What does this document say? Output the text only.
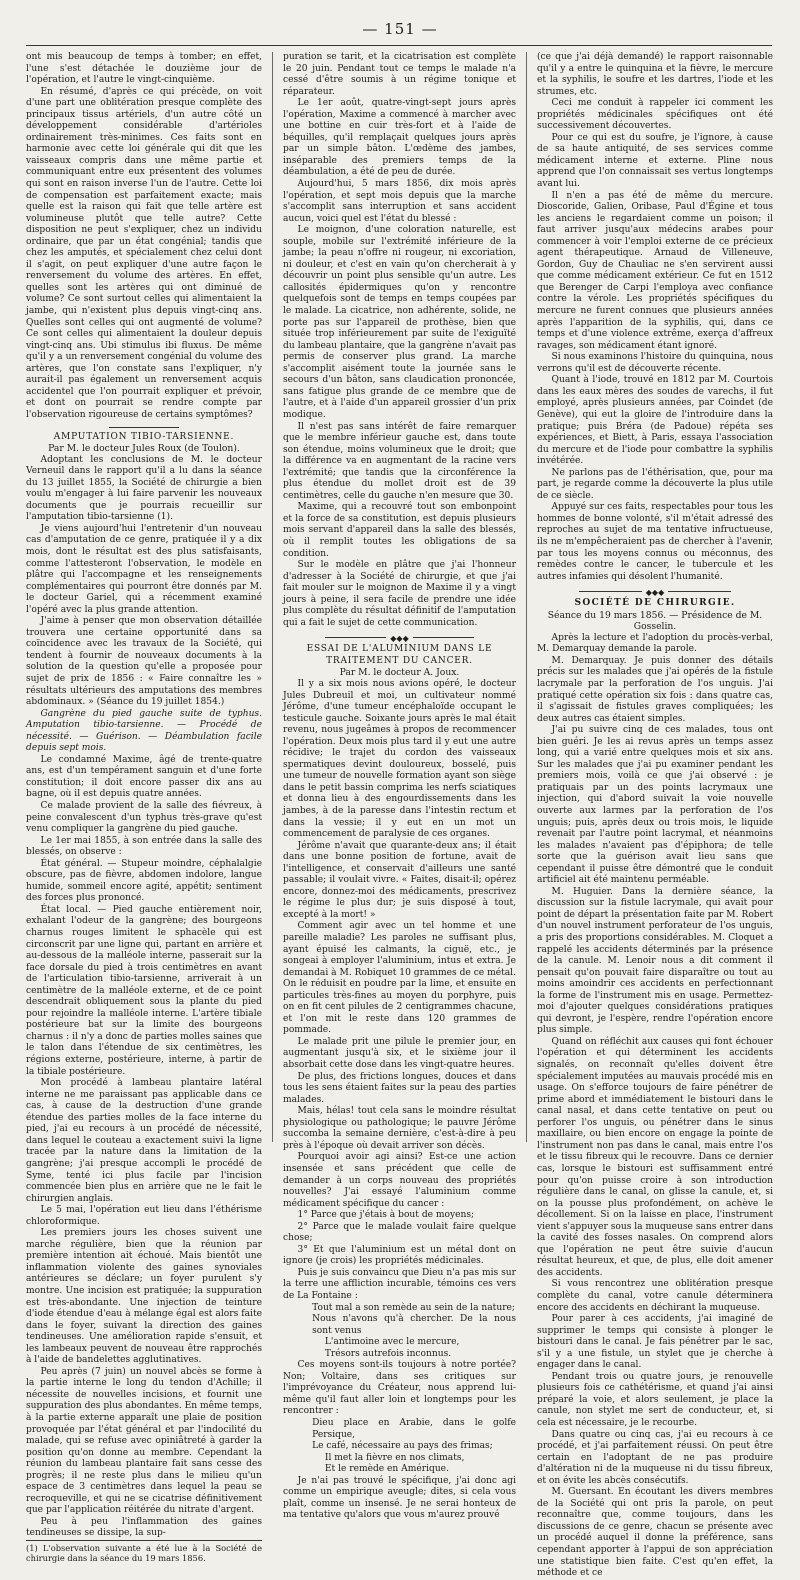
— 151 —

ont mis beaucoup de temps à tomber; en effet, l'une s'est détachée le douzième jour de l'opération, et l'autre le vingt-cinquième.

En résumé, d'après ce qui précède, on voit d'une part une oblitération presque complète des principaux tissus artériels, d'un autre côté un développement considérable d'artérioles ordinairement très-minimes. Ces faits sont en harmonie avec cette loi générale qui dit que les vaisseaux compris dans une même partie et communiquant entre eux présentent des volumes qui sont en raison inverse l'un de l'autre. Cette loi de compensation est parfaitement exacte; mais quelle est la raison qui fait que telle artère est volumineuse plutôt que telle autre? Cette disposition ne peut s'expliquer, chez un individu ordinaire, que par un état congénial; tandis que chez les amputés, et spécialement chez celui dont il s'agit, on peut expliquer d'une autre façon le renversement du volume des artères. En effet, quelles sont les artères qui ont diminué de volume? Ce sont surtout celles qui alimentaient la jambe, qui n'existent plus depuis vingt-cinq ans. Quelles sont celles qui ont augmenté de volume? Ce sont celles qui alimentaient la douleur depuis vingt-cinq ans. Ubi stimulus ibi fluxus. De même qu'il y a un renversement congénial du volume des artères, que l'on constate sans l'expliquer, n'y aurait-il pas également un renversement acquis accidentel que l'on pourrait expliquer et prévoir, et dont on pourrait se rendre compte par l'observation rigoureuse de certains symptômes?

AMPUTATION TIBIO-TARSIENNE.

Par M. le docteur Jules Roux (de Toulon).

Adoptant les conclusions de M. le docteur Verneuil dans le rapport qu'il a lu dans la séance du 13 juillet 1855, la Société de chirurgie a bien voulu m'engager à lui faire parvenir les nouveaux documents que je pourrais recueillir sur l'amputation tibio-tarsienne (1).

Je viens aujourd'hui l'entretenir d'un nouveau cas d'amputation de ce genre, pratiquée il y a dix mois, dont le résultat est des plus satisfaisants, comme l'attesteront l'observation, le modèle en plâtre qui l'accompagne et les renseignements complémentaires qui pourront être donnés par M. le docteur Gariel, qui a récemment examiné l'opéré avec la plus grande attention.

J'aime à penser que mon observation détaillée trouvera une certaine opportunité dans sa coïncidence avec les travaux de la Société, qui tendent à fournir de nouveaux documents à la solution de la question qu'elle a proposée pour sujet de prix de 1856 : « Faire connaître les » résultats ultérieurs des amputations des membres abdominaux. » (Séance du 19 juillet 1854.)

Gangrène du pied gauche suite de typhus. Amputation tibio-tarsienne. — Procédé de nécessité. — Guérison. — Déambulation facile depuis sept mois.

Le condamné Maxime, âgé de trente-quatre ans, est d'un tempérament sanguin et d'une forte constitution; il doit encore passer dix ans au bagne, où il est depuis quatre années.

Ce malade provient de la salle des fiévreux, à peine convalescent d'un typhus très-grave qu'est venu compliquer la gangrène du pied gauche.

Le 1er mai 1855, à son entrée dans la salle des blessés, on observe :

État général. — Stupeur moindre, céphalalgie obscure, pas de fièvre, abdomen indolore, langue humide, sommeil encore agité, appétit; sentiment des forces plus prononcé.

État local. — Pied gauche entièrement noir, exhalant l'odeur de la gangrène; des bourgeons charnus rouges limitent le sphacèle qui est circonscrit par une ligne qui, partant en arrière et au-dessous de la malléole interne, passerait sur la face dorsale du pied à trois centimètres en avant de l'articulation tibio-tarsienne, arriverait à un centimètre de la malléole externe, et de ce point descendrait obliquement sous la plante du pied pour rejoindre la malléole interne. L'artère tibiale postérieure bat sur la limite des bourgeons charnus : il n'y a donc de parties molles saines que le talon dans l'étendue de six centimètres, les régions externe, postérieure, interne, à partir de la tibiale postérieure.

Mon procédé à lambeau plantaire latéral interne ne me paraissant pas applicable dans ce cas, à cause de la destruction d'une grande étendue des parties molles de la face interne du pied, j'ai eu recours à un procédé de nécessité, dans lequel le couteau a exactement suivi la ligne tracée par la nature dans la limitation de la gangrène; j'ai presque accompli le procédé de Syme, tenté ici plus facile par l'incision commencée bien plus en arrière que ne le fait le chirurgien anglais.

Le 5 mai, l'opération eut lieu dans l'éthérisme chloroformique.

Les premiers jours les choses suivent une marche régulière, bien que la réunion par première intention ait échoué. Mais bientôt une inflammation violente des gaines synoviales antérieures se déclare; un foyer purulent s'y montre. Une incision est pratiquée; la suppuration est très-abondante. Une injection de teinture d'iode étendue d'eau à mélange égal est alors faite dans le foyer, suivant la direction des gaines tendineuses. Une amélioration rapide s'ensuit, et les lambeaux peuvent de nouveau être rapprochés à l'aide de bandelettes agglutinatives.

Peu après (7 juin) un nouvel abcès se forme à la partie interne le long du tendon d'Achille; il nécessite de nouvelles incisions, et fournit une suppuration des plus abondantes. En même temps, à la partie externe apparaît une plaie de position provoquée par l'état général et par l'indocilité du malade, qui se refuse avec opiniâtreté à garder la position qu'on donne au membre. Cependant la réunion du lambeau plantaire fait sans cesse des progrès; il ne reste plus dans le milieu qu'un espace de 3 centimètres dans lequel la peau se recroqueville, et qui ne se cicatrise définitivement que par l'application réitérée du nitrate d'argent.

Peu à peu l'inflammation des gaines tendineuses se dissipe, la sup-

(1) L'observation suivante a été lue à la Société de chirurgie dans la séance du 19 mars 1856.

puration se tarit, et la cicatrisation est complète le 20 juin. Pendant tout ce temps le malade n'a cessé d'être soumis à un régime tonique et réparateur.

Le 1er août, quatre-vingt-sept jours après l'opération, Maxime a commencé à marcher avec une bottine en cuir très-fort et à l'aide de béquilles, qu'il remplaçait quelques jours après par un simple bâton. L'œdème des jambes, inséparable des premiers temps de la déambulation, a été de peu de durée.

Aujourd'hui, 5 mars 1856, dix mois après l'opération, et sept mois depuis que la marche s'accomplit sans interruption et sans accident aucun, voici quel est l'état du blessé :

Le moignon, d'une coloration naturelle, est souple, mobile sur l'extrémité inférieure de la jambe; la peau n'offre ni rougeur, ni excoriation, ni douleur, et c'est en vain qu'on chercherait à y découvrir un point plus sensible qu'un autre. Les callosités épidermiques qu'on y rencontre quelquefois sont de temps en temps coupées par le malade. La cicatrice, non adhérente, solide, ne porte pas sur l'appareil de prothèse, bien que située trop inférieurement par suite de l'exiguïté du lambeau plantaire, que la gangrène n'avait pas permis de conserver plus grand. La marche s'accomplit aisément toute la journée sans le secours d'un bâton, sans claudication prononcée, sans fatigue plus grande de ce membre que de l'autre, et à l'aide d'un appareil grossier d'un prix modique.

Il n'est pas sans intérêt de faire remarquer que le membre inférieur gauche est, dans toute son étendue, moins volumineux que le droit; que la différence va en augmentant de la racine vers l'extrémité; que tandis que la circonférence la plus étendue du mollet droit est de 39 centimètres, celle du gauche n'en mesure que 30.

Maxime, qui a recouvré tout son embonpoint et la force de sa constitution, est depuis plusieurs mois servant d'appareil dans la salle des blessés, où il remplit toutes les obligations de sa condition.

Sur le modèle en plâtre que j'ai l'honneur d'adresser à la Société de chirurgie, et que j'ai fait mouler sur le moignon de Maxime il y a vingt jours à peine, il sera facile de prendre une idée plus complète du résultat définitif de l'amputation qui a fait le sujet de cette communication.

◆◆◆

ESSAI DE L'ALUMINIUM DANS LE TRAITEMENT DU CANCER.

Par M. le docteur A. Joux.

Il y a six mois nous avions opéré, le docteur Jules Dubreuil et moi, un cultivateur nommé Jérôme, d'une tumeur encéphaloïde occupant le testicule gauche. Soixante jours après le mal était revenu, nous jugeâmes à propos de recommencer l'opération. Deux mois plus tard il y eut une autre récidive; le trajet du cordon des vaisseaux spermatiques devint douloureux, bosselé, puis une tumeur de nouvelle formation ayant son siège dans le petit bassin comprima les nerfs sciatiques et donna lieu à des engourdissements dans les jambes, à de la paresse dans l'intestin rectum et dans la vessie; il y eut en un mot un commencement de paralysie de ces organes.

Jérôme n'avait que quarante-deux ans; il était dans une bonne position de fortune, avait de l'intelligence, et conservait d'ailleurs une santé passable; il voulait vivre. « Faites, disait-il; opérez encore, donnez-moi des médicaments, prescrivez le régime le plus dur; je suis disposé à tout, excepté à la mort! »

Comment agir avec un tel homme et une pareille maladie? Les paroles ne suffisant plus, ayant épuisé les calmants, la ciguë, etc., je songeai à employer l'aluminium, intus et extra. Je demandai à M. Robiquet 10 grammes de ce métal. On le réduisit en poudre par la lime, et ensuite en particules très-fines au moyen du porphyre, puis on en fit cent pilules de 2 centigrammes chacune, et l'on mit le reste dans 120 grammes de pommade.

Le malade prit une pilule le premier jour, en augmentant jusqu'à six, et le sixième jour il absorbait cette dose dans les vingt-quatre heures.

De plus, des frictions longues, douces et dans tous les sens étaient faites sur la peau des parties malades.

Mais, hélas! tout cela sans le moindre résultat physiologique ou pathologique; le pauvre Jérôme succomba la semaine dernière, c'est-à-dire à peu près à l'époque où devait arriver son décès.

Pourquoi avoir agi ainsi? Est-ce une action insensée et sans précédent que celle de demander à un corps nouveau des propriétés nouvelles? J'ai essayé l'aluminium comme médicament spécifique du cancer :

1° Parce que j'étais à bout de moyens;

2° Parce que le malade voulait faire quelque chose;

3° Et que l'aluminium est un métal dont on ignore (je crois) les propriétés médicinales.

Puis je suis convaincu que Dieu n'a pas mis sur la terre une affliction incurable, témoins ces vers de La Fontaine :

Tout mal a son remède au sein de la nature;

Nous n'avons qu'à chercher. De la nous sont venus

L'antimoine avec le mercure,

Trésors autrefois inconnus.

Ces moyens sont-ils toujours à notre portée? Non; Voltaire, dans ses critiques sur l'imprévoyance du Créateur, nous apprend lui-même qu'il faut aller loin et longtemps pour les rencontrer :

Dieu place en Arabie, dans le golfe Persique,

Le café, nécessaire au pays des frimas;

Il met la fièvre en nos climats,

Et le remède en Amérique.

Je n'ai pas trouvé le spécifique, j'ai donc agi comme un empirique aveugle; dites, si cela vous plaît, comme un insensé. Je ne serai honteux de ma tentative qu'alors que vous m'aurez prouvé

(ce que j'ai déjà demandé) le rapport raisonnable qu'il y a entre le quinquina et la fièvre, le mercure et la syphilis, le soufre et les dartres, l'iode et les strumes, etc.

Ceci me conduit à rappeler ici comment les propriétés médicinales spécifiques ont été successivement découvertes.

Pour ce qui est du soufre, je l'ignore, à cause de sa haute antiquité, de ses services comme médicament interne et externe. Pline nous apprend que l'on connaissait ses vertus longtemps avant lui.

Il n'en a pas été de même du mercure. Dioscoride, Galien, Oribase, Paul d'Égine et tous les anciens le regardaient comme un poison; il faut arriver jusqu'aux médecins arabes pour commencer à voir l'emploi externe de ce précieux agent thérapeutique. Arnaud de Villeneuve, Gordon, Guy de Chauliac ne s'en servirent aussi que comme médicament extérieur. Ce fut en 1512 que Berenger de Carpi l'employa avec confiance contre la vérole. Les propriétés spécifiques du mercure ne furent connues que plusieurs années après l'apparition de la syphilis, qui, dans ce temps et d'une violence extrême, exerça d'affreux ravages, son médicament étant ignoré.

Si nous examinons l'histoire du quinquina, nous verrons qu'il est de découverte récente.

Quant à l'iode, trouvé en 1812 par M. Courtois dans les eaux mères des soudes de varechs, il fut employé, après plusieurs années, par Coindet (de Genève), qui eut la gloire de l'introduire dans la pratique; puis Bréra (de Padoue) répéta ses expériences, et Biett, à Paris, essaya l'association du mercure et de l'iode pour combattre la syphilis invétérée.

Ne parlons pas de l'éthérisation, que, pour ma part, je regarde comme la découverte la plus utile de ce siècle.

Appuyé sur ces faits, respectables pour tous les hommes de bonne volonté, s'il m'était adressé des reproches au sujet de ma tentative infructueuse, ils ne m'empêcheraient pas de chercher à l'avenir, par tous les moyens connus ou méconnus, des remèdes contre le cancer, le tubercule et les autres infamies qui désolent l'humanité.

◆◆◆

SOCIÉTÉ DE CHIRURGIE.

Séance du 19 mars 1856. — Présidence de M. Gosselin.

Après la lecture et l'adoption du procès-verbal, M. Demarquay demande la parole.

M. Demarquay. Je puis donner des détails précis sur les malades que j'ai opérés de la fistule lacrymale par la perforation de l'os unguis. J'ai pratiqué cette opération six fois : dans quatre cas, il s'agissait de fistules graves compliquées; les deux autres cas étaient simples.

J'ai pu suivre cinq de ces malades, tous ont bien guéri. Je les ai revus après un temps assez long, qui a varié entre quelques mois et six ans. Sur les malades que j'ai pu examiner pendant les premiers mois, voilà ce que j'ai observé : je pratiquais par un des points lacrymaux une injection, qui d'abord suivait la voie nouvelle ouverte aux larmes par la perforation de l'os unguis; puis, après deux ou trois mois, le liquide revenait par l'autre point lacrymal, et néanmoins les malades n'avaient pas d'épiphora; de telle sorte que la guérison avait lieu sans que cependant il puisse être démontré que le conduit artificiel ait été maintenu perméable.

M. Huguier. Dans la dernière séance, la discussion sur la fistule lacrymale, qui avait pour point de départ la présentation faite par M. Robert d'un nouvel instrument perforateur de l'os unguis, a pris des proportions considérables. M. Cloquet a rappelé les accidents déterminés par la présence de la canule. M. Lenoir nous a dit comment il pensait qu'on pouvait faire disparaître ou tout au moins amoindrir ces accidents en perfectionnant la forme de l'instrument mis en usage. Permettez-moi d'ajouter quelques considérations pratiques qui devront, je l'espère, rendre l'opération encore plus simple.

Quand on réfléchit aux causes qui font échouer l'opération et qui déterminent les accidents signalés, on reconnaît qu'elles doivent être spécialement imputées au mauvais procédé mis en usage. On s'efforce toujours de faire pénétrer de prime abord et immédiatement le bistouri dans le canal nasal, et dans cette tentative on peut ou perforer l'os unguis, ou pénétrer dans le sinus maxillaire, ou bien encore on engage la pointe de l'instrument non pas dans le canal, mais entre l'os et le tissu fibreux qui le recouvre. Dans ce dernier cas, lorsque le bistouri est suffisamment entré pour qu'on puisse croire à son introduction régulière dans le canal, on glisse la canule, et, si on la pousse plus profondément, on achève le décollement. Si on la laisse en place, l'instrument vient s'appuyer sous la muqueuse sans entrer dans la cavité des fosses nasales. On comprend alors que l'opération ne peut être suivie d'aucun résultat heureux, et que, de plus, elle doit amener des accidents.

Si vous rencontrez une oblitération presque complète du canal, votre canule déterminera encore des accidents en déchirant la muqueuse.

Pour parer à ces accidents, j'ai imaginé de supprimer le temps qui consiste à plonger le bistouri dans le canal. Je fais pénétrer par le sac, s'il y a une fistule, un stylet que je cherche à engager dans le canal.

Pendant trois ou quatre jours, je renouvelle plusieurs fois ce cathétérisme, et quand j'ai ainsi préparé la voie, et alors seulement, je place la canule, non stylet me sert de conducteur, et, si cela est nécessaire, je le recourbe.

Dans quatre ou cinq cas, j'ai eu recours à ce procédé, et j'ai parfaitement réussi. On peut être certain en l'adoptant de ne pas produire d'altération ni de la muqueuse ni du tissu fibreux, et on évite les abcès consécutifs.

M. Guersant. En écoutant les divers membres de la Société qui ont pris la parole, on peut reconnaître que, comme toujours, dans les discussions de ce genre, chacun se présente avec un procédé auquel il donne la préférence, sans cependant apporter à l'appui de son appréciation une statistique bien faite. C'est qu'en effet, la méthode et ce
